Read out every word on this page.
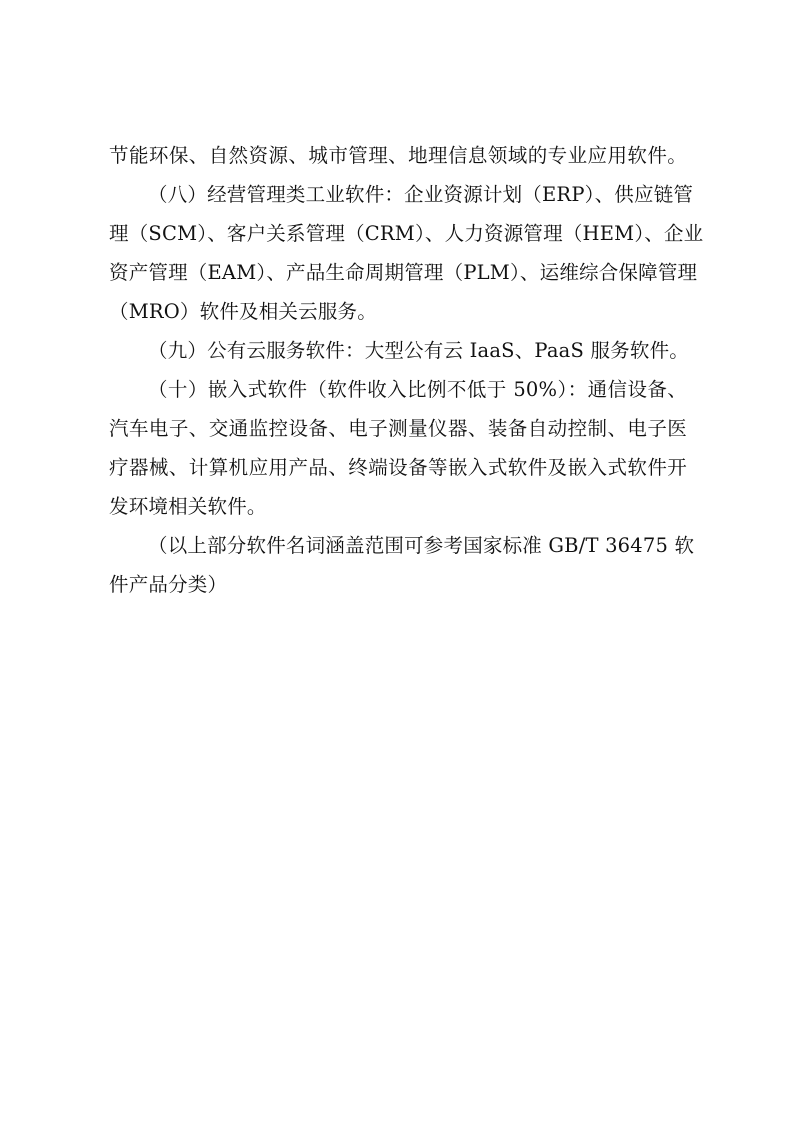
节能环保、自然资源、城市管理、地理信息领域的专业应用软件。
（八）经营管理类工业软件：企业资源计划（ERP）、供应链管
理（SCM）、客户关系管理（CRM）、人力资源管理（HEM）、企业
资产管理（EAM）、产品生命周期管理（PLM）、运维综合保障管理
（MRO）软件及相关云服务。
（九）公有云服务软件：大型公有云 IaaS、PaaS 服务软件。
（十）嵌入式软件（软件收入比例不低于 50%）：通信设备、
汽车电子、交通监控设备、电子测量仪器、装备自动控制、电子医
疗器械、计算机应用产品、终端设备等嵌入式软件及嵌入式软件开
发环境相关软件。
（以上部分软件名词涵盖范围可参考国家标准 GB/T 36475 软
件产品分类）
